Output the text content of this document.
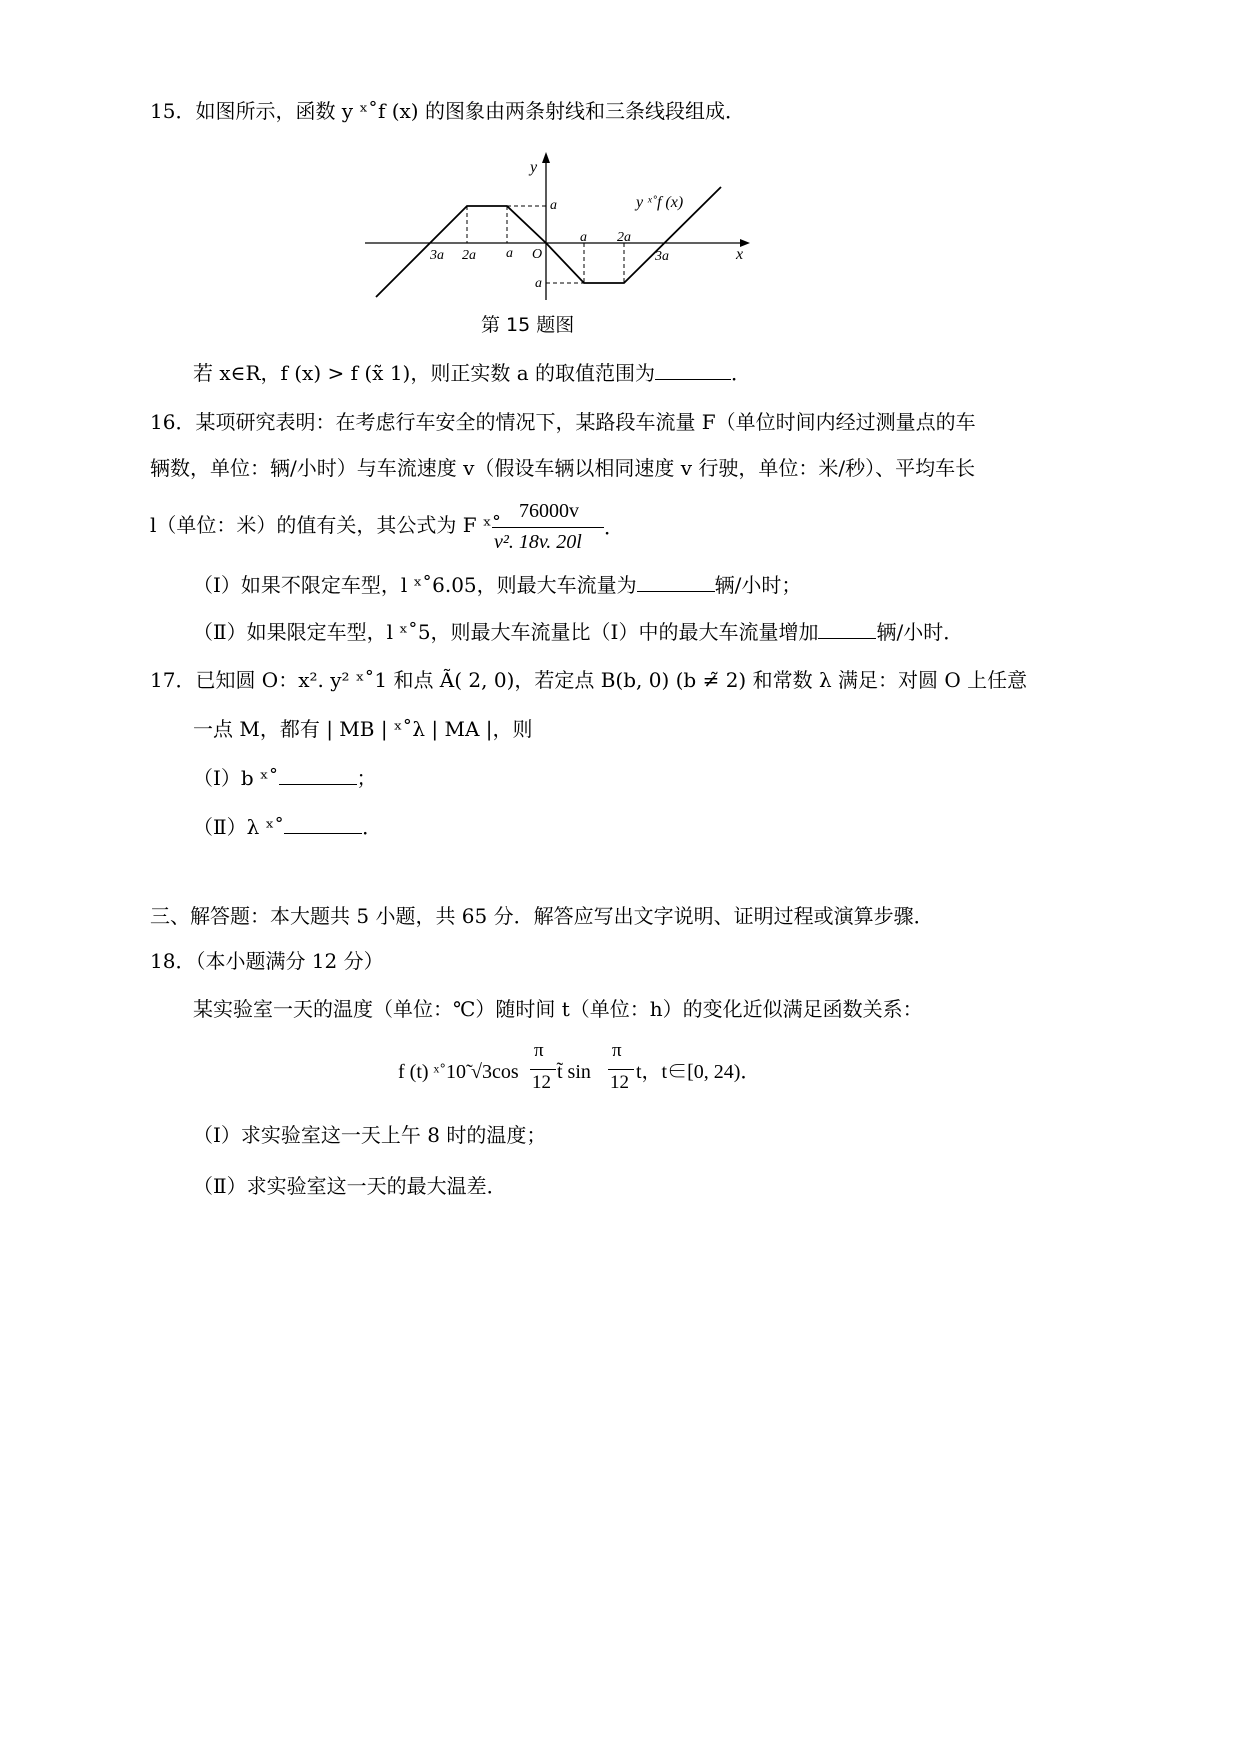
15．如图所示，函数 y ˣ˚f (x) 的图象由两条射线和三条线段组成．
y
x
O
y ˣ˚f (x)
3a 2a a
a 2a
3a
a
a
第 15 题图
若 x∈R，f (x) > f (x̃ 1)，则正实数 a 的取值范围为	．
16．某项研究表明：在考虑行车安全的情况下，某路段车流量 F（单位时间内经过测量点的车
辆数，单位：辆/小时）与车流速度 v（假设车辆以相同速度 v 行驶，单位：米/秒）、平均车长
l（单位：米）的值有关，其公式为 F ˣ˚
76000v
v². 18v. 20l
．
（Ⅰ）如果不限定车型，l ˣ˚6.05，则最大车流量为	辆/小时；
（Ⅱ）如果限定车型，l ˣ˚5，则最大车流量比（Ⅰ）中的最大车流量增加	辆/小时．
17．已知圆 O：x². y² ˣ˚1 和点 Ã( 2, 0)，若定点 B(b, 0) (b ≠̃ 2) 和常数 λ 满足：对圆 O 上任意
一点 M，都有 | MB | ˣ˚λ | MA |，则
（Ⅰ）b ˣ˚	；
（Ⅱ）λ ˣ˚	．
三、解答题：本大题共 5 小题，共 65 分．解答应写出文字说明、证明过程或演算步骤．
18．（本小题满分 12 分）
某实验室一天的温度（单位：℃）随时间 t（单位：h）的变化近似满足函数关系：
f (t) ˣ˚10̃ √3cos
π
12 t̃ sin
π
12 t，t∈[0, 24)．
（Ⅰ）求实验室这一天上午 8 时的温度；
（Ⅱ）求实验室这一天的最大温差．
